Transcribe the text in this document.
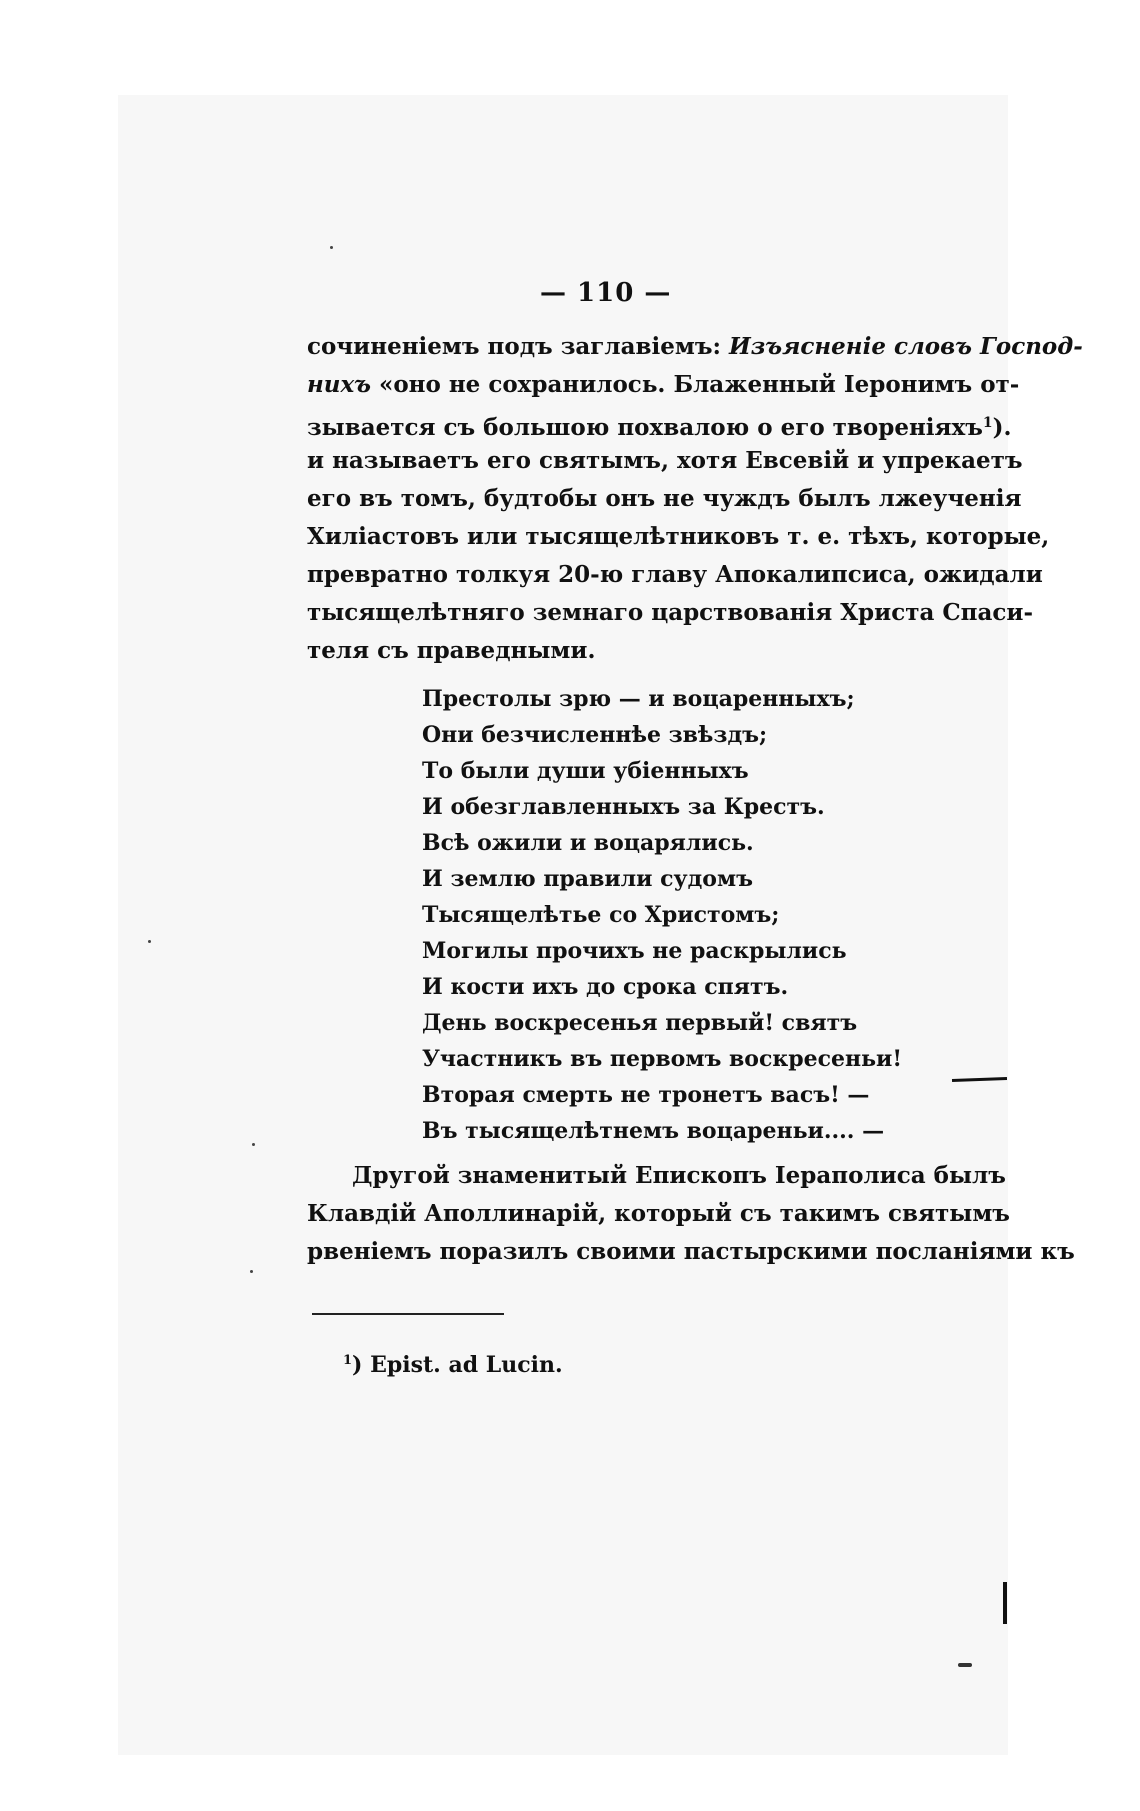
— 110 —
сочиненіемъ подъ заглавіемъ: Изъясненіе словъ Господ-
нихъ «оно не сохранилось. Блаженный Іеронимъ от-
зывается съ большою похвалою о его твореніяхъ$^1$).
и называетъ его святымъ, хотя Евсевій и упрекаетъ
его въ томъ, будтобы онъ не чуждъ былъ лжеученія
Хиліастовъ или тысящелѣтниковъ т. е. тѣхъ, которые,
превратно толкуя 20-ю главу Апокалипсиса, ожидали
тысящелѣтняго земнаго царствованія Христа Спаси-
теля съ праведными.
Престолы зрю — и воцаренныхъ;
Они безчисленнѣе звѣздъ;
То были души убіенныхъ
И обезглавленныхъ за Крестъ.
Всѣ ожили и воцарялись.
И землю правили судомъ
Тысящелѣтье со Христомъ;
Могилы прочихъ не раскрылись
И кости ихъ до срока спятъ.
День воскресенья первый! святъ
Участникъ въ первомъ воскресеньи!
Вторая смерть не тронетъ васъ! —
Въ тысящелѣтнемъ воцареньи.... —
Другой знаменитый Епископъ Іераполиса былъ
Клавдій Аполлинарій, который съ такимъ святымъ
рвеніемъ поразилъ своими пастырскими посланіями къ
$^1$) Epist. ad Lucin.
